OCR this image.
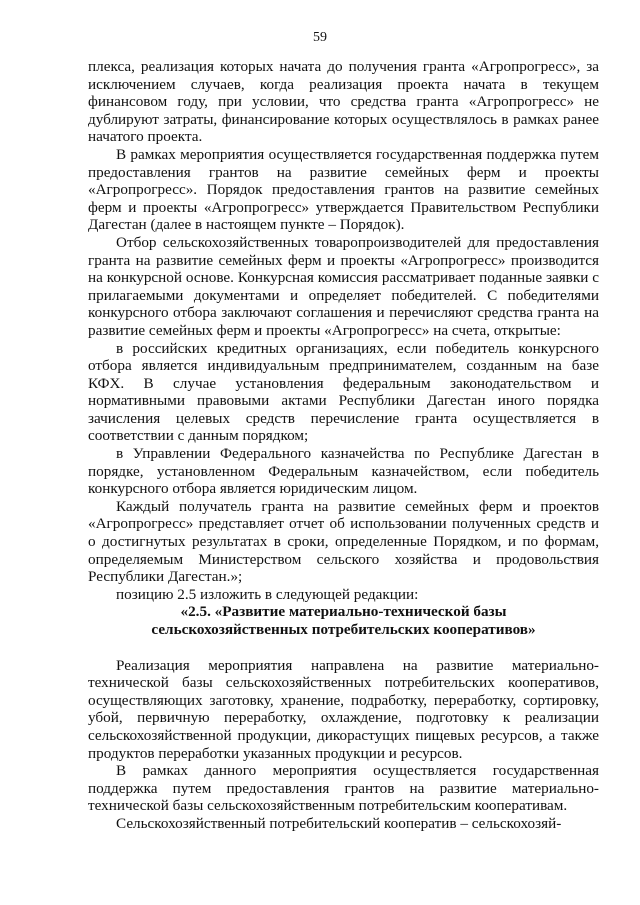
59

плекса, реализация которых начата до получения гранта «Агропрогресс», за исключением случаев, когда реализация проекта начата в текущем финансовом году, при условии, что средства гранта «Агропрогресс» не дублируют затраты, финансирование которых осуществлялось в рамках ранее начатого проекта.

В рамках мероприятия осуществляется государственная поддержка путем предоставления грантов на развитие семейных ферм и проекты «Агропрогресс». Порядок предоставления грантов на развитие семейных ферм и проекты «Агропрогресс» утверждается Правительством Республики Дагестан (далее в настоящем пункте – Порядок).

Отбор сельскохозяйственных товаропроизводителей для предоставления гранта на развитие семейных ферм и проекты «Агропрогресс» производится на конкурсной основе. Конкурсная комиссия рассматривает поданные заявки с прилагаемыми документами и определяет победителей. С победителями конкурсного отбора заключают соглашения и перечисляют средства гранта на развитие семейных ферм и проекты «Агропрогресс» на счета, открытые:

в российских кредитных организациях, если победитель конкурсного отбора является индивидуальным предпринимателем, созданным на базе КФХ. В случае установления федеральным законодательством и нормативными правовыми актами Республики Дагестан иного порядка зачисления целевых средств перечисление гранта осуществляется в соответствии с данным порядком;

в Управлении Федерального казначейства по Республике Дагестан в порядке, установленном Федеральным казначейством, если победитель конкурсного отбора является юридическим лицом.

Каждый получатель гранта на развитие семейных ферм и проектов «Агропрогресс» представляет отчет об использовании полученных средств и о достигнутых результатах в сроки, определенные Порядком, и по формам, определяемым Министерством сельского хозяйства и продовольствия Республики Дагестан.»;

позицию 2.5 изложить в следующей редакции:

«2.5. «Развитие материально-технической базы
сельскохозяйственных потребительских кооперативов»

Реализация мероприятия направлена на развитие материально-технической базы сельскохозяйственных потребительских кооперативов, осуществляющих заготовку, хранение, подработку, переработку, сортировку, убой, первичную переработку, охлаждение, подготовку к реализации сельскохозяйственной продукции, дикорастущих пищевых ресурсов, а также продуктов переработки указанных продукции и ресурсов.

В рамках данного мероприятия осуществляется государственная поддержка путем предоставления грантов на развитие материально-технической базы сельскохозяйственным потребительским кооперативам.

Сельскохозяйственный потребительский кооператив – сельскохозяй-
